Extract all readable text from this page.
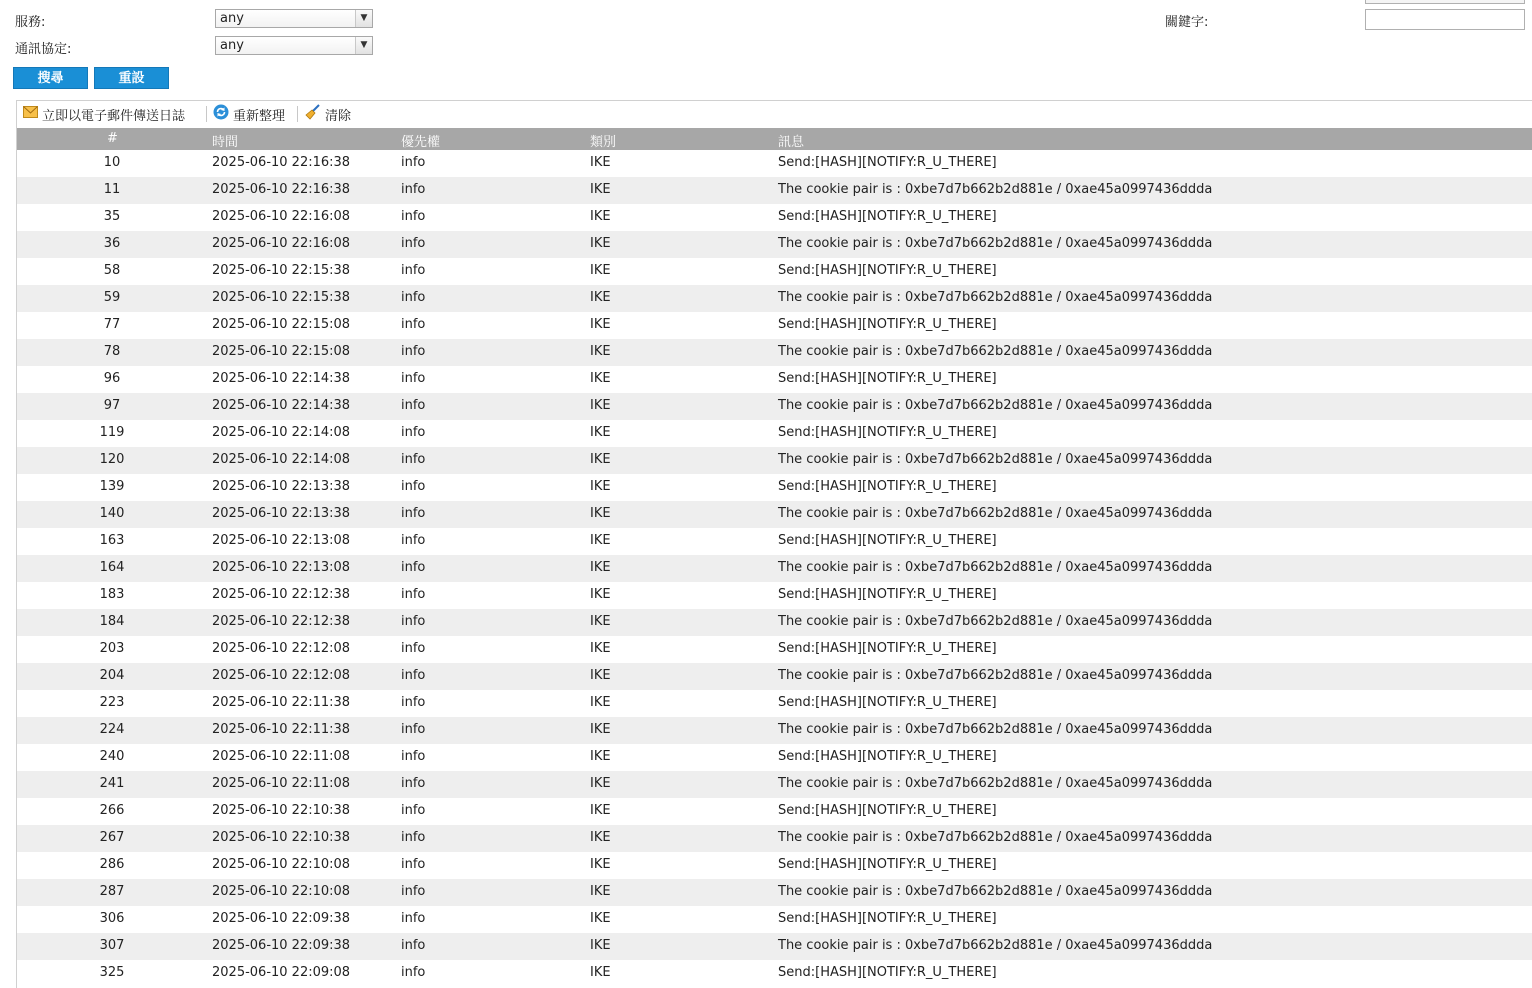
服務:	any	▼
通訊協定:	any	▼
關鍵字:
搜尋	重設
立即以電子郵件傳送日誌	重新整理	清除
#	時間	優先權	類別	訊息
10	2025-06-10 22:16:38	info	IKE	Send:[HASH][NOTIFY:R_U_THERE]
11	2025-06-10 22:16:38	info	IKE	The cookie pair is : 0xbe7d7b662b2d881e / 0xae45a0997436ddda
35	2025-06-10 22:16:08	info	IKE	Send:[HASH][NOTIFY:R_U_THERE]
36	2025-06-10 22:16:08	info	IKE	The cookie pair is : 0xbe7d7b662b2d881e / 0xae45a0997436ddda
58	2025-06-10 22:15:38	info	IKE	Send:[HASH][NOTIFY:R_U_THERE]
59	2025-06-10 22:15:38	info	IKE	The cookie pair is : 0xbe7d7b662b2d881e / 0xae45a0997436ddda
77	2025-06-10 22:15:08	info	IKE	Send:[HASH][NOTIFY:R_U_THERE]
78	2025-06-10 22:15:08	info	IKE	The cookie pair is : 0xbe7d7b662b2d881e / 0xae45a0997436ddda
96	2025-06-10 22:14:38	info	IKE	Send:[HASH][NOTIFY:R_U_THERE]
97	2025-06-10 22:14:38	info	IKE	The cookie pair is : 0xbe7d7b662b2d881e / 0xae45a0997436ddda
119	2025-06-10 22:14:08	info	IKE	Send:[HASH][NOTIFY:R_U_THERE]
120	2025-06-10 22:14:08	info	IKE	The cookie pair is : 0xbe7d7b662b2d881e / 0xae45a0997436ddda
139	2025-06-10 22:13:38	info	IKE	Send:[HASH][NOTIFY:R_U_THERE]
140	2025-06-10 22:13:38	info	IKE	The cookie pair is : 0xbe7d7b662b2d881e / 0xae45a0997436ddda
163	2025-06-10 22:13:08	info	IKE	Send:[HASH][NOTIFY:R_U_THERE]
164	2025-06-10 22:13:08	info	IKE	The cookie pair is : 0xbe7d7b662b2d881e / 0xae45a0997436ddda
183	2025-06-10 22:12:38	info	IKE	Send:[HASH][NOTIFY:R_U_THERE]
184	2025-06-10 22:12:38	info	IKE	The cookie pair is : 0xbe7d7b662b2d881e / 0xae45a0997436ddda
203	2025-06-10 22:12:08	info	IKE	Send:[HASH][NOTIFY:R_U_THERE]
204	2025-06-10 22:12:08	info	IKE	The cookie pair is : 0xbe7d7b662b2d881e / 0xae45a0997436ddda
223	2025-06-10 22:11:38	info	IKE	Send:[HASH][NOTIFY:R_U_THERE]
224	2025-06-10 22:11:38	info	IKE	The cookie pair is : 0xbe7d7b662b2d881e / 0xae45a0997436ddda
240	2025-06-10 22:11:08	info	IKE	Send:[HASH][NOTIFY:R_U_THERE]
241	2025-06-10 22:11:08	info	IKE	The cookie pair is : 0xbe7d7b662b2d881e / 0xae45a0997436ddda
266	2025-06-10 22:10:38	info	IKE	Send:[HASH][NOTIFY:R_U_THERE]
267	2025-06-10 22:10:38	info	IKE	The cookie pair is : 0xbe7d7b662b2d881e / 0xae45a0997436ddda
286	2025-06-10 22:10:08	info	IKE	Send:[HASH][NOTIFY:R_U_THERE]
287	2025-06-10 22:10:08	info	IKE	The cookie pair is : 0xbe7d7b662b2d881e / 0xae45a0997436ddda
306	2025-06-10 22:09:38	info	IKE	Send:[HASH][NOTIFY:R_U_THERE]
307	2025-06-10 22:09:38	info	IKE	The cookie pair is : 0xbe7d7b662b2d881e / 0xae45a0997436ddda
325	2025-06-10 22:09:08	info	IKE	Send:[HASH][NOTIFY:R_U_THERE]
